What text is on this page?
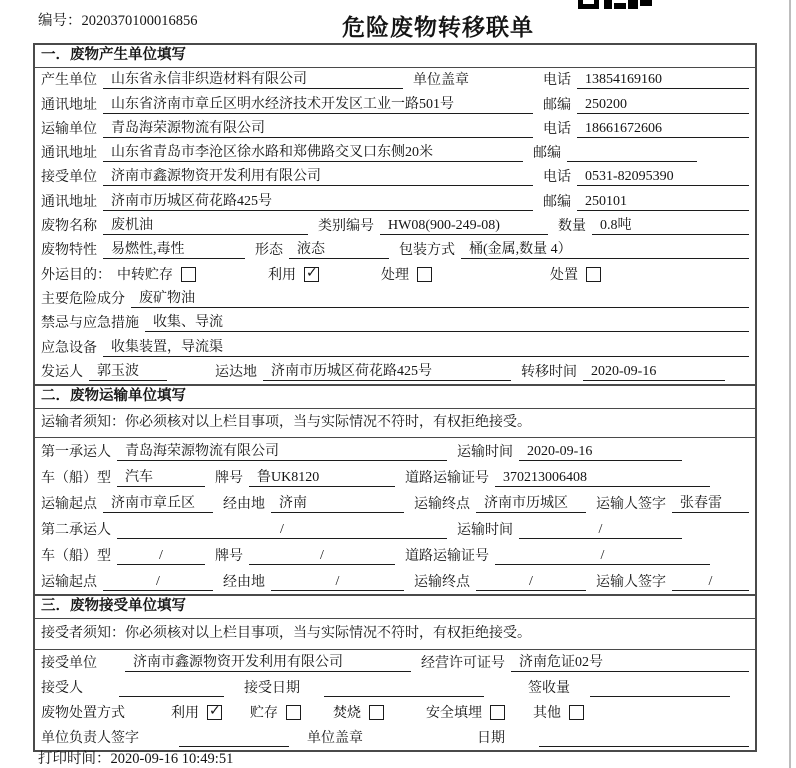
编号：2020370100016856	危险废物转移联单
一．废物产生单位填写
产生单位	山东省永信非织造材料有限公司	单位盖章	电话	13854169160
通讯地址	山东省济南市章丘区明水经济技术开发区工业一路501号	邮编	250200
运输单位	青岛海荣源物流有限公司	电话	18661672606
通讯地址	山东省青岛市李沧区徐水路和郑佛路交叉口东侧20米	邮编
接受单位	济南市鑫源物资开发利用有限公司	电话	0531-82095390
通讯地址	济南市历城区荷花路425号	邮编	250101
废物名称	废机油	类别编号	HW08(900-249-08)	数量	0.8吨
废物特性	易燃性,毒性	形态	液态	包装方式	桶(金属,数量 4）
外运目的： 中转贮存	利用 ✓	处理	处置
主要危险成分	废矿物油
禁忌与应急措施	收集、导流
应急设备	收集装置，导流渠
发运人	郭玉波	运达地	济南市历城区荷花路425号	转移时间	2020-09-16
二．废物运输单位填写
运输者须知：你必须核对以上栏目事项，当与实际情况不符时，有权拒绝接受。
第一承运人	青岛海荣源物流有限公司	运输时间	2020-09-16
车（船）型	汽车	牌号	鲁UK8120	道路运输证号	370213006408
运输起点	济南市章丘区	经由地	济南	运输终点	济南市历城区	运输人签字	张春雷
第二承运人	/	运输时间	/
车（船）型	/	牌号	/	道路运输证号	/
运输起点	/	经由地	/	运输终点	/	运输人签字	/
三．废物接受单位填写
接受者须知：你必须核对以上栏目事项，当与实际情况不符时，有权拒绝接受。
接受单位	济南市鑫源物资开发利用有限公司	经营许可证号	济南危证02号
接受人	接受日期	签收量
废物处置方式	利用 ✓	贮存	焚烧	安全填埋	其他
单位负责人签字	单位盖章	日期
打印时间：2020-09-16 10:49:51
